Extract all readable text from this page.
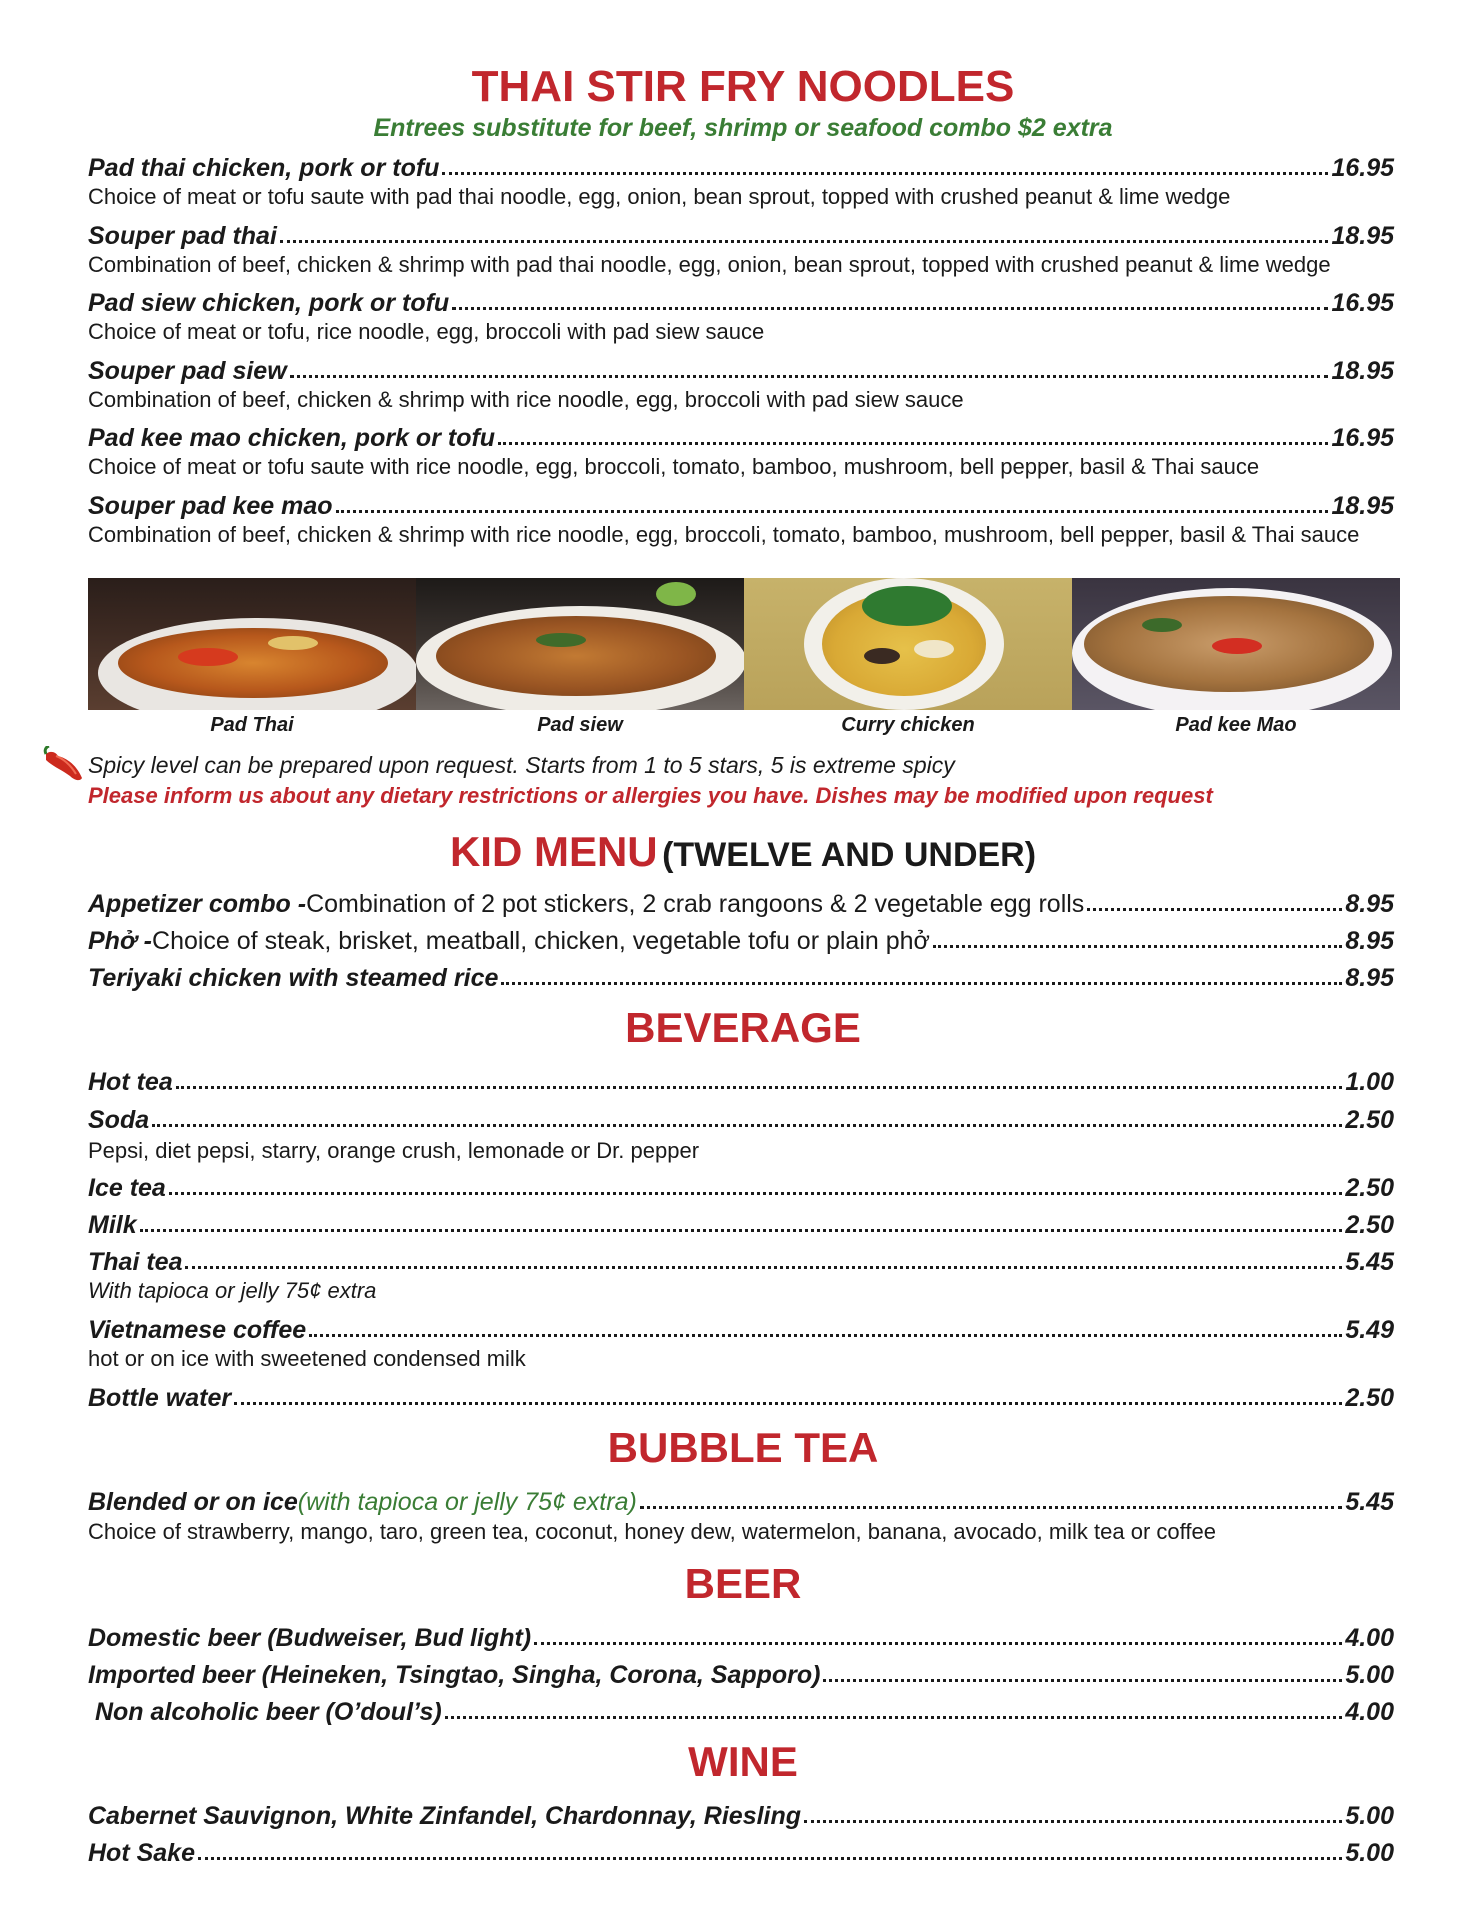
THAI STIR FRY NOODLES
Entrees substitute for beef, shrimp or seafood combo $2 extra
Pad thai chicken, pork or tofu	16.95
Choice of meat or tofu saute with pad thai noodle, egg, onion, bean sprout, topped with crushed peanut & lime wedge
Souper pad thai	18.95
Combination of beef, chicken & shrimp with pad thai noodle, egg, onion, bean sprout, topped with crushed peanut & lime wedge
Pad siew chicken, pork or tofu	16.95
Choice of meat or tofu, rice noodle, egg, broccoli with pad siew sauce
Souper pad siew	18.95
Combination of beef, chicken & shrimp with rice noodle, egg, broccoli with pad siew sauce
Pad kee mao chicken, pork or tofu	16.95
Choice of meat or tofu saute with rice noodle, egg, broccoli, tomato, bamboo, mushroom, bell pepper, basil & Thai sauce
Souper pad kee mao	18.95
Combination of beef, chicken & shrimp with rice noodle, egg, broccoli, tomato, bamboo, mushroom, bell pepper, basil & Thai sauce
Pad Thai	Pad siew	Curry chicken	Pad kee Mao
Spicy level can be prepared upon request. Starts from 1 to 5 stars, 5 is extreme spicy
Please inform us about any dietary restrictions or allergies you have. Dishes may be modified upon request
KID MENU (TWELVE AND UNDER)
Appetizer combo - Combination of 2 pot stickers, 2 crab rangoons & 2 vegetable egg rolls	8.95
Phở - Choice of steak, brisket, meatball, chicken, vegetable tofu or plain phở	8.95
Teriyaki chicken with steamed rice	8.95
BEVERAGE
Hot tea	1.00
Soda	2.50
Pepsi, diet pepsi, starry, orange crush, lemonade or Dr. pepper
Ice tea	2.50
Milk	2.50
Thai tea	5.45
With tapioca or jelly 75¢ extra
Vietnamese coffee	5.49
hot or on ice with sweetened condensed milk
Bottle water	2.50
BUBBLE TEA
Blended or on ice (with tapioca or jelly 75¢ extra)	5.45
Choice of strawberry, mango, taro, green tea, coconut, honey dew, watermelon, banana, avocado, milk tea or coffee
BEER
Domestic beer (Budweiser, Bud light)	4.00
Imported beer (Heineken, Tsingtao, Singha, Corona, Sapporo)	5.00
Non alcoholic beer (O’doul’s)	4.00
WINE
Cabernet Sauvignon, White Zinfandel, Chardonnay, Riesling	5.00
Hot Sake	5.00
